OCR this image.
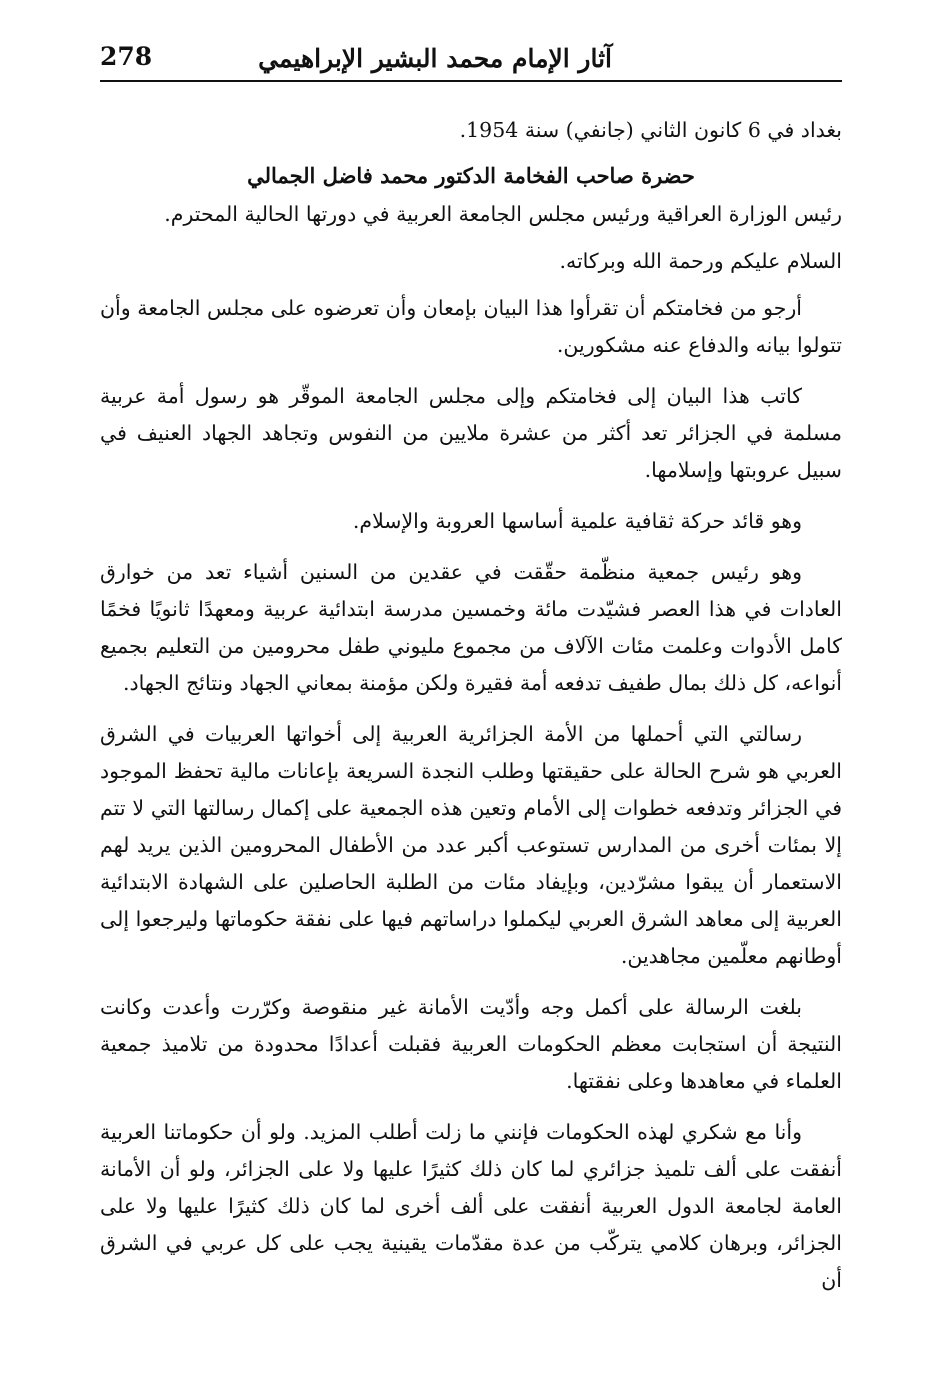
278	آثار الإمام محمد البشير الإبراهيمي

بغداد في 6 كانون الثاني (جانفي) سنة 1954.

حضرة صاحب الفخامة الدكتور محمد فاضل الجمالي

رئيس الوزارة العراقية ورئيس مجلس الجامعة العربية في دورتها الحالية المحترم.

السلام عليكم ورحمة الله وبركاته.

أرجو من فخامتكم أن تقرأوا هذا البيان بإمعان وأن تعرضوه على مجلس الجامعة وأن تتولوا بيانه والدفاع عنه مشكورين.

كاتب هذا البيان إلى فخامتكم وإلى مجلس الجامعة الموقّر هو رسول أمة عربية مسلمة في الجزائر تعد أكثر من عشرة ملايين من النفوس وتجاهد الجهاد العنيف في سبيل عروبتها وإسلامها.

وهو قائد حركة ثقافية علمية أساسها العروبة والإسلام.

وهو رئيس جمعية منظّمة حقّقت في عقدين من السنين أشياء تعد من خوارق العادات في هذا العصر فشيّدت مائة وخمسين مدرسة ابتدائية عربية ومعهدًا ثانويًا فخمًا كامل الأدوات وعلمت مئات الآلاف من مجموع مليوني طفل محرومين من التعليم بجميع أنواعه، كل ذلك بمال طفيف تدفعه أمة فقيرة ولكن مؤمنة بمعاني الجهاد ونتائج الجهاد.

رسالتي التي أحملها من الأمة الجزائرية العربية إلى أخواتها العربيات في الشرق العربي هو شرح الحالة على حقيقتها وطلب النجدة السريعة بإعانات مالية تحفظ الموجود في الجزائر وتدفعه خطوات إلى الأمام وتعين هذه الجمعية على إكمال رسالتها التي لا تتم إلا بمئات أخرى من المدارس تستوعب أكبر عدد من الأطفال المحرومين الذين يريد لهم الاستعمار أن يبقوا مشرّدين، وبإيفاد مئات من الطلبة الحاصلين على الشهادة الابتدائية العربية إلى معاهد الشرق العربي ليكملوا دراساتهم فيها على نفقة حكوماتها وليرجعوا إلى أوطانهم معلّمين مجاهدين.

بلغت الرسالة على أكمل وجه وأدّيت الأمانة غير منقوصة وكرّرت وأعدت وكانت النتيجة أن استجابت معظم الحكومات العربية فقبلت أعدادًا محدودة من تلاميذ جمعية العلماء في معاهدها وعلى نفقتها.

وأنا مع شكري لهذه الحكومات فإنني ما زلت أطلب المزيد. ولو أن حكوماتنا العربية أنفقت على ألف تلميذ جزائري لما كان ذلك كثيرًا عليها ولا على الجزائر، ولو أن الأمانة العامة لجامعة الدول العربية أنفقت على ألف أخرى لما كان ذلك كثيرًا عليها ولا على الجزائر، وبرهان كلامي يتركّب من عدة مقدّمات يقينية يجب على كل عربي في الشرق أن
